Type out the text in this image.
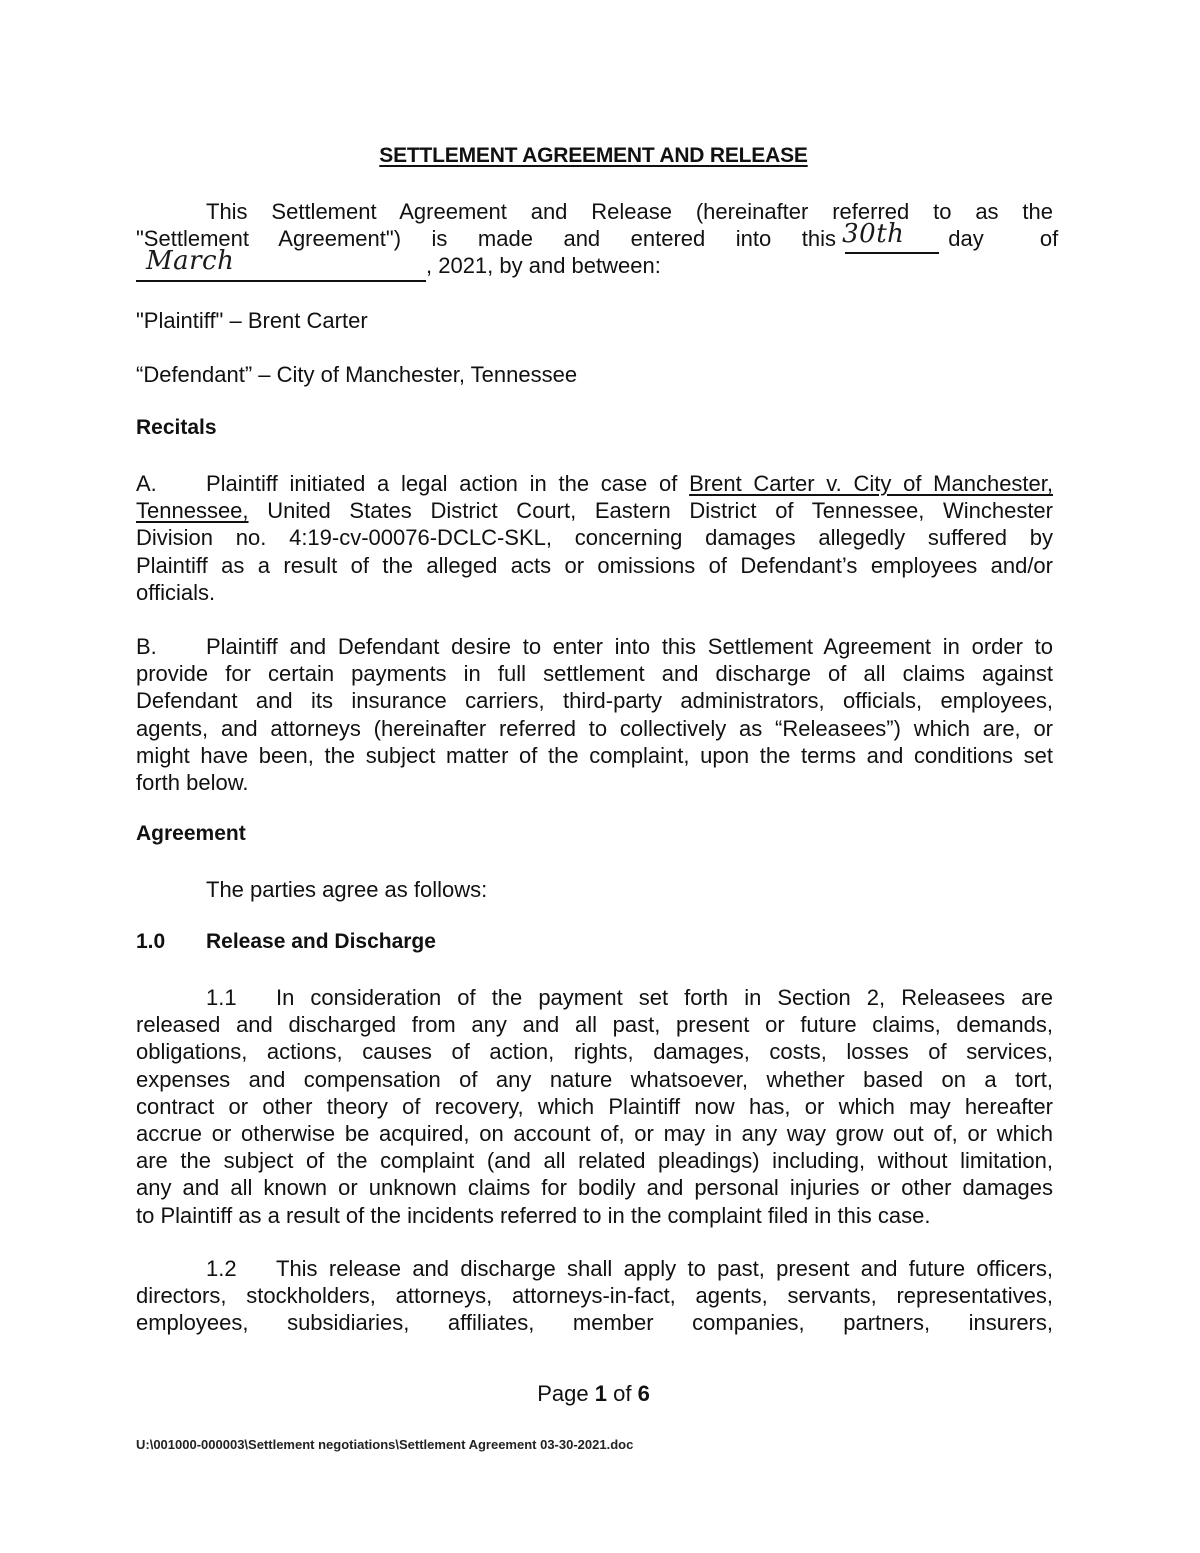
SETTLEMENT AGREEMENT AND RELEASE
This Settlement Agreement and Release (hereinafter referred to as the
"Settlement Agreement") is made and entered into this 30th day of
March	, 2021, by and between:
"Plaintiff" – Brent Carter
“Defendant” – City of Manchester, Tennessee
Recitals
A. Plaintiff initiated a legal action in the case of Brent Carter v. City of Manchester,
Tennessee, United States District Court, Eastern District of Tennessee, Winchester
Division no. 4:19-cv-00076-DCLC-SKL, concerning damages allegedly suffered by
Plaintiff as a result of the alleged acts or omissions of Defendant’s employees and/or
officials.
B. Plaintiff and Defendant desire to enter into this Settlement Agreement in order to
provide for certain payments in full settlement and discharge of all claims against
Defendant and its insurance carriers, third-party administrators, officials, employees,
agents, and attorneys (hereinafter referred to collectively as “Releasees”) which are, or
might have been, the subject matter of the complaint, upon the terms and conditions set
forth below.
Agreement
The parties agree as follows:
1.0 Release and Discharge
1.1 In consideration of the payment set forth in Section 2, Releasees are
released and discharged from any and all past, present or future claims, demands,
obligations, actions, causes of action, rights, damages, costs, losses of services,
expenses and compensation of any nature whatsoever, whether based on a tort,
contract or other theory of recovery, which Plaintiff now has, or which may hereafter
accrue or otherwise be acquired, on account of, or may in any way grow out of, or which
are the subject of the complaint (and all related pleadings) including, without limitation,
any and all known or unknown claims for bodily and personal injuries or other damages
to Plaintiff as a result of the incidents referred to in the complaint filed in this case.
1.2 This release and discharge shall apply to past, present and future officers,
directors, stockholders, attorneys, attorneys-in-fact, agents, servants, representatives,
employees, subsidiaries, affiliates, member companies, partners, insurers,
Page 1 of 6
U:\001000-000003\Settlement negotiations\Settlement Agreement 03-30-2021.doc
